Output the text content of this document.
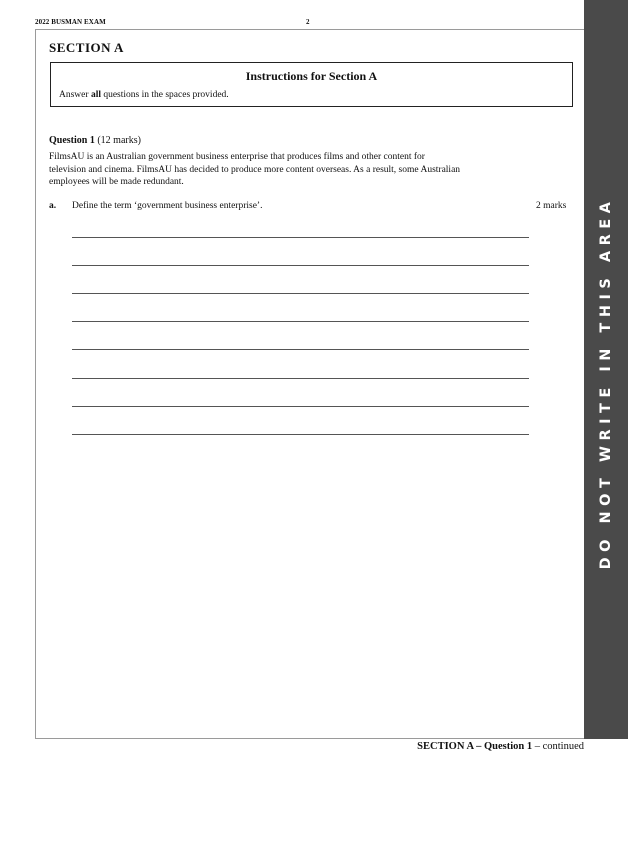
2022 BUSMAN EXAM	2
DO NOT WRITE IN THIS AREA
SECTION A
Instructions for Section A
Answer all questions in the spaces provided.
Question 1 (12 marks)

FilmsAU is an Australian government business enterprise that produces films and other content for

television and cinema. FilmsAU has decided to produce more content overseas. As a result, some Australian

employees will be made redundant.

a. Define the term ‘government business enterprise’.	2 marks
SECTION A – Question 1 – continued
